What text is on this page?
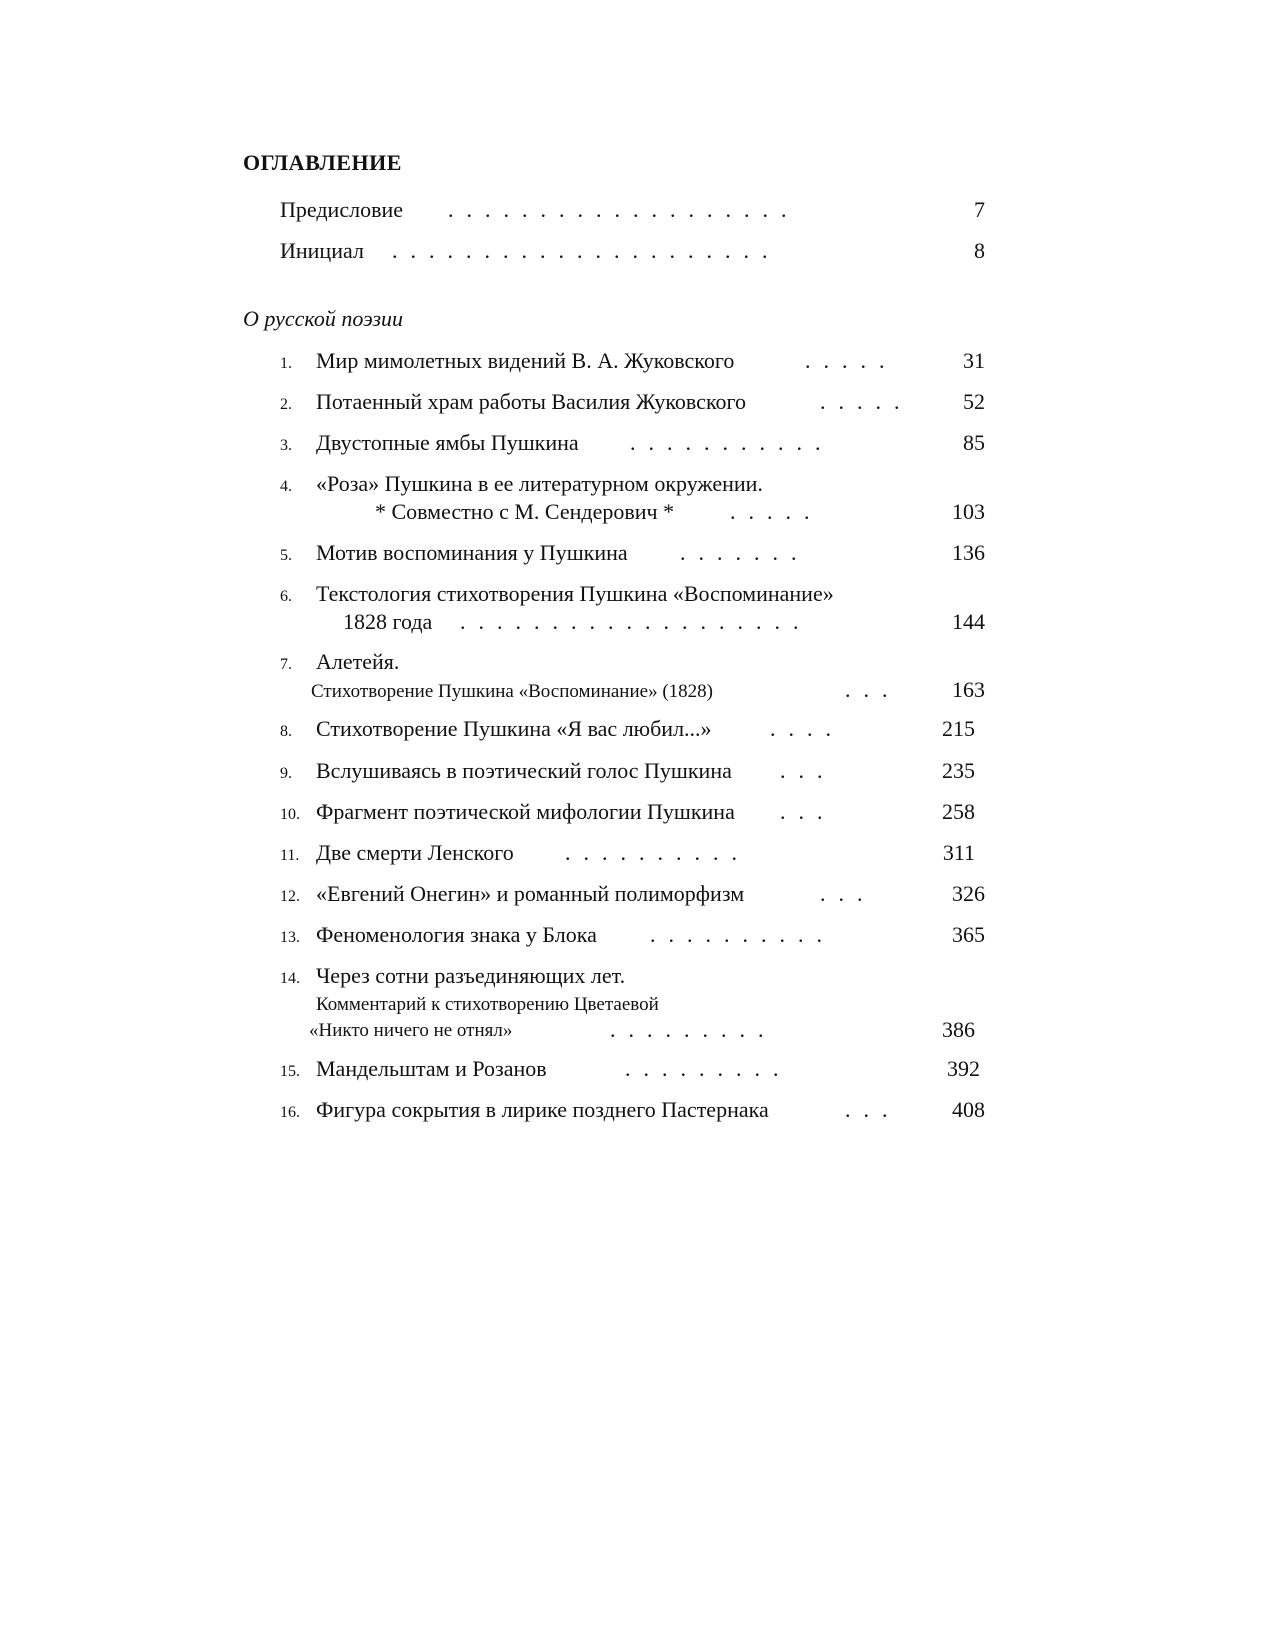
ОГЛАВЛЕНИЕ
Предисловие ...................	7
Инициал .....................	8
О русской поэзии
1. Мир мимолетных видений В. А. Жуковского	.....	31
2. Потаенный храм работы Василия Жуковского	..... 52
3. Двустопные ямбы Пушкина ...........	85
4. «Роза» Пушкина в ее литературном окружении.
* Совместно с М. Сендерович *	.....	103
5. Мотив воспоминания у Пушкина .......	136
6. Текстология стихотворения Пушкина «Воспоминание»
1828 года ...................	144
7. Алетейя.
Стихотворение Пушкина «Воспоминание» (1828)	... 163
8. Стихотворение Пушкина «Я вас любил...»	....	215
9. Вслушиваясь в поэтический голос Пушкина ...	235
10. Фрагмент поэтической мифологии Пушкина ...	258
11. Две смерти Ленского ..........	311
12. «Евгений Онегин» и романный полиморфизм	...	326
13. Феноменология знака у Блока ..........	365
14. Через сотни разъединяющих лет.
Комментарий к стихотворению Цветаевой
«Никто ничего не отнял»	.........	386
15. Мандельштам и Розанов	.........	392
16. Фигура сокрытия в лирике позднего Пастернака	... 408
